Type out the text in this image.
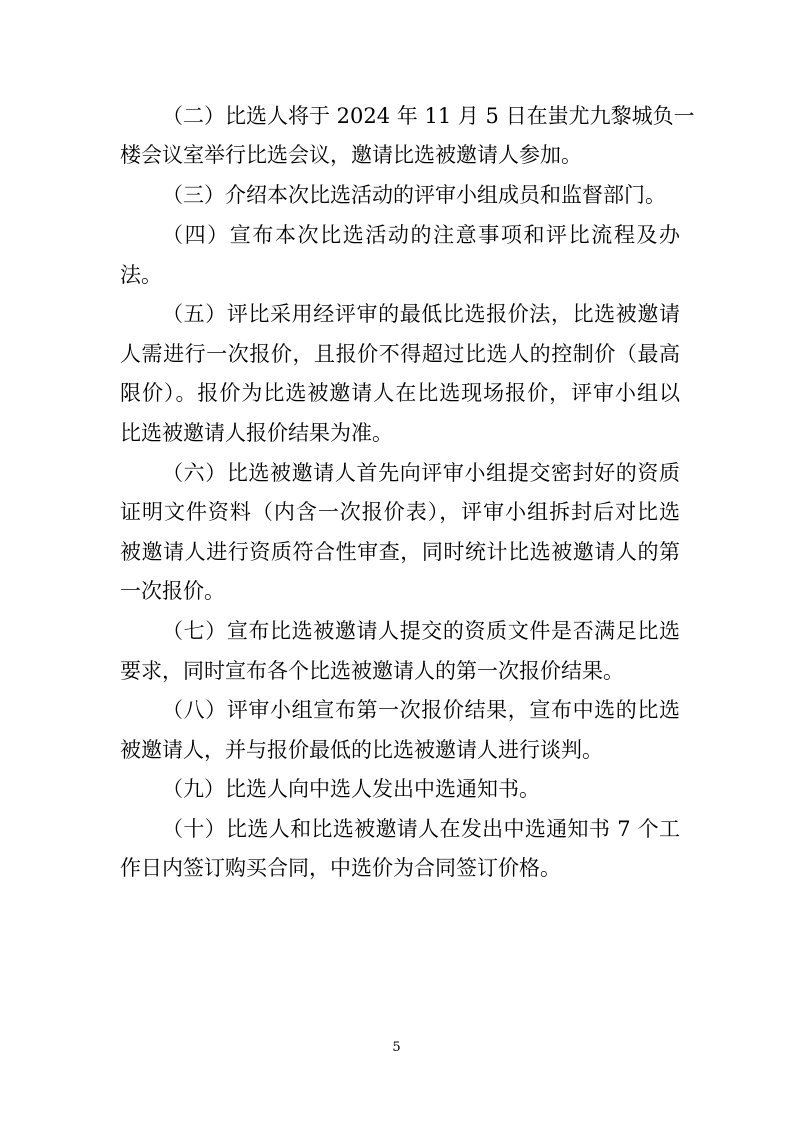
（二）比选人将于 2024 年 11 月 5 日在蚩尤九黎城负一
楼会议室举行比选会议，邀请比选被邀请人参加。
（三）介绍本次比选活动的评审小组成员和监督部门。
（四）宣布本次比选活动的注意事项和评比流程及办
法。
（五）评比采用经评审的最低比选报价法，比选被邀请
人需进行一次报价，且报价不得超过比选人的控制价（最高
限价）。报价为比选被邀请人在比选现场报价，评审小组以
比选被邀请人报价结果为准。
（六）比选被邀请人首先向评审小组提交密封好的资质
证明文件资料（内含一次报价表），评审小组拆封后对比选
被邀请人进行资质符合性审查，同时统计比选被邀请人的第
一次报价。
（七）宣布比选被邀请人提交的资质文件是否满足比选
要求，同时宣布各个比选被邀请人的第一次报价结果。
（八）评审小组宣布第一次报价结果，宣布中选的比选
被邀请人，并与报价最低的比选被邀请人进行谈判。
（九）比选人向中选人发出中选通知书。
（十）比选人和比选被邀请人在发出中选通知书 7 个工
作日内签订购买合同，中选价为合同签订价格。
5
